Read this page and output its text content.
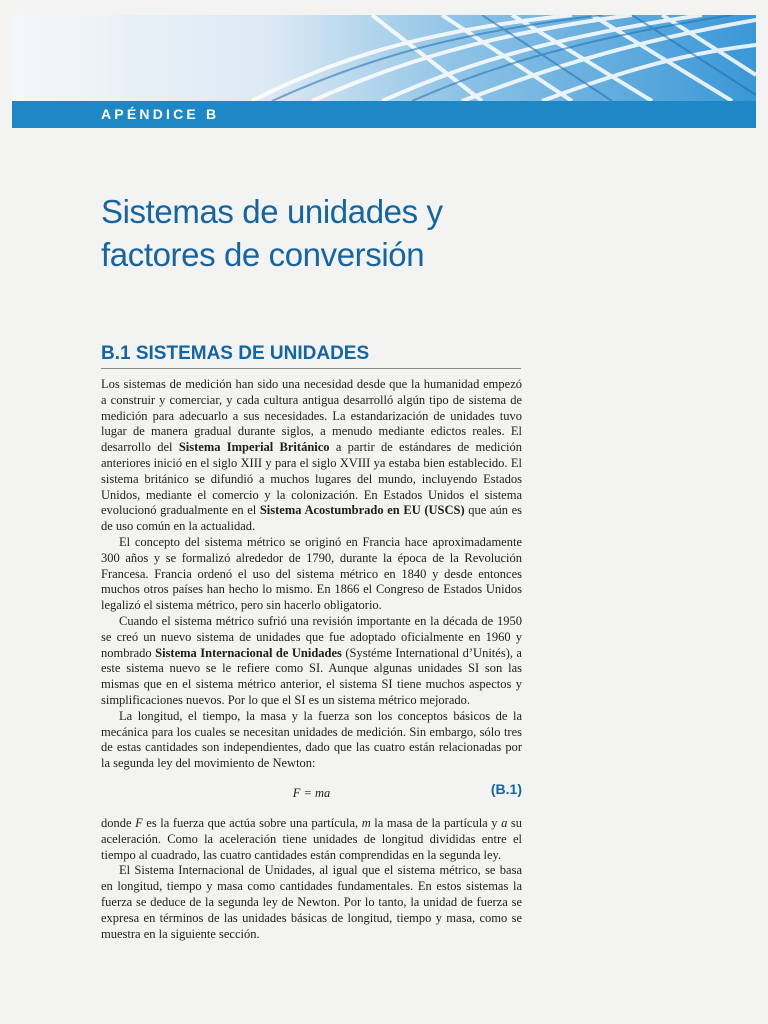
APÉNDICE B
Sistemas de unidades y
factores de conversión
B.1 SISTEMAS DE UNIDADES

Los sistemas de medición han sido una necesidad desde que la humanidad empezó a construir y comerciar, y cada cultura antigua desarrolló algún tipo de sistema de medición para adecuarlo a sus necesidades. La estandarización de unidades tuvo lugar de manera gradual durante siglos, a menudo mediante edictos reales. El desarrollo del Sistema Imperial Británico a partir de estándares de medición anteriores inició en el siglo XIII y para el siglo XVIII ya estaba bien establecido. El sistema británico se difundió a muchos lugares del mundo, incluyendo Estados Unidos, mediante el comercio y la colonización. En Estados Unidos el sistema evolucionó gradualmente en el Sistema Acostumbrado en EU (USCS) que aún es de uso común en la actualidad.

El concepto del sistema métrico se originó en Francia hace aproximadamente 300 años y se formalizó alrededor de 1790, durante la época de la Revolución Francesa. Francia ordenó el uso del sistema métrico en 1840 y desde entonces muchos otros países han hecho lo mismo. En 1866 el Congreso de Estados Unidos legalizó el sistema métrico, pero sin hacerlo obligatorio.

Cuando el sistema métrico sufrió una revisión importante en la década de 1950 se creó un nuevo sistema de unidades que fue adoptado oficialmente en 1960 y nombrado Sistema Internacional de Unidades (Systéme International d’Unités), a este sistema nuevo se le refiere como SI. Aunque algunas unidades SI son las mismas que en el sistema métrico anterior, el sistema SI tiene muchos aspectos y simplificaciones nuevos. Por lo que el SI es un sistema métrico mejorado.

La longitud, el tiempo, la masa y la fuerza son los conceptos básicos de la mecánica para los cuales se necesitan unidades de medición. Sin embargo, sólo tres de estas cantidades son independientes, dado que las cuatro están relacionadas por la segunda ley del movimiento de Newton:

F = ma	(B.1)

donde F es la fuerza que actúa sobre una partícula, m la masa de la partícula y a su aceleración. Como la aceleración tiene unidades de longitud divididas entre el tiempo al cuadrado, las cuatro cantidades están comprendidas en la segunda ley.

El Sistema Internacional de Unidades, al igual que el sistema métrico, se basa en longitud, tiempo y masa como cantidades fundamentales. En estos sistemas la fuerza se deduce de la segunda ley de Newton. Por lo tanto, la unidad de fuerza se expresa en términos de las unidades básicas de longitud, tiempo y masa, como se muestra en la siguiente sección.
